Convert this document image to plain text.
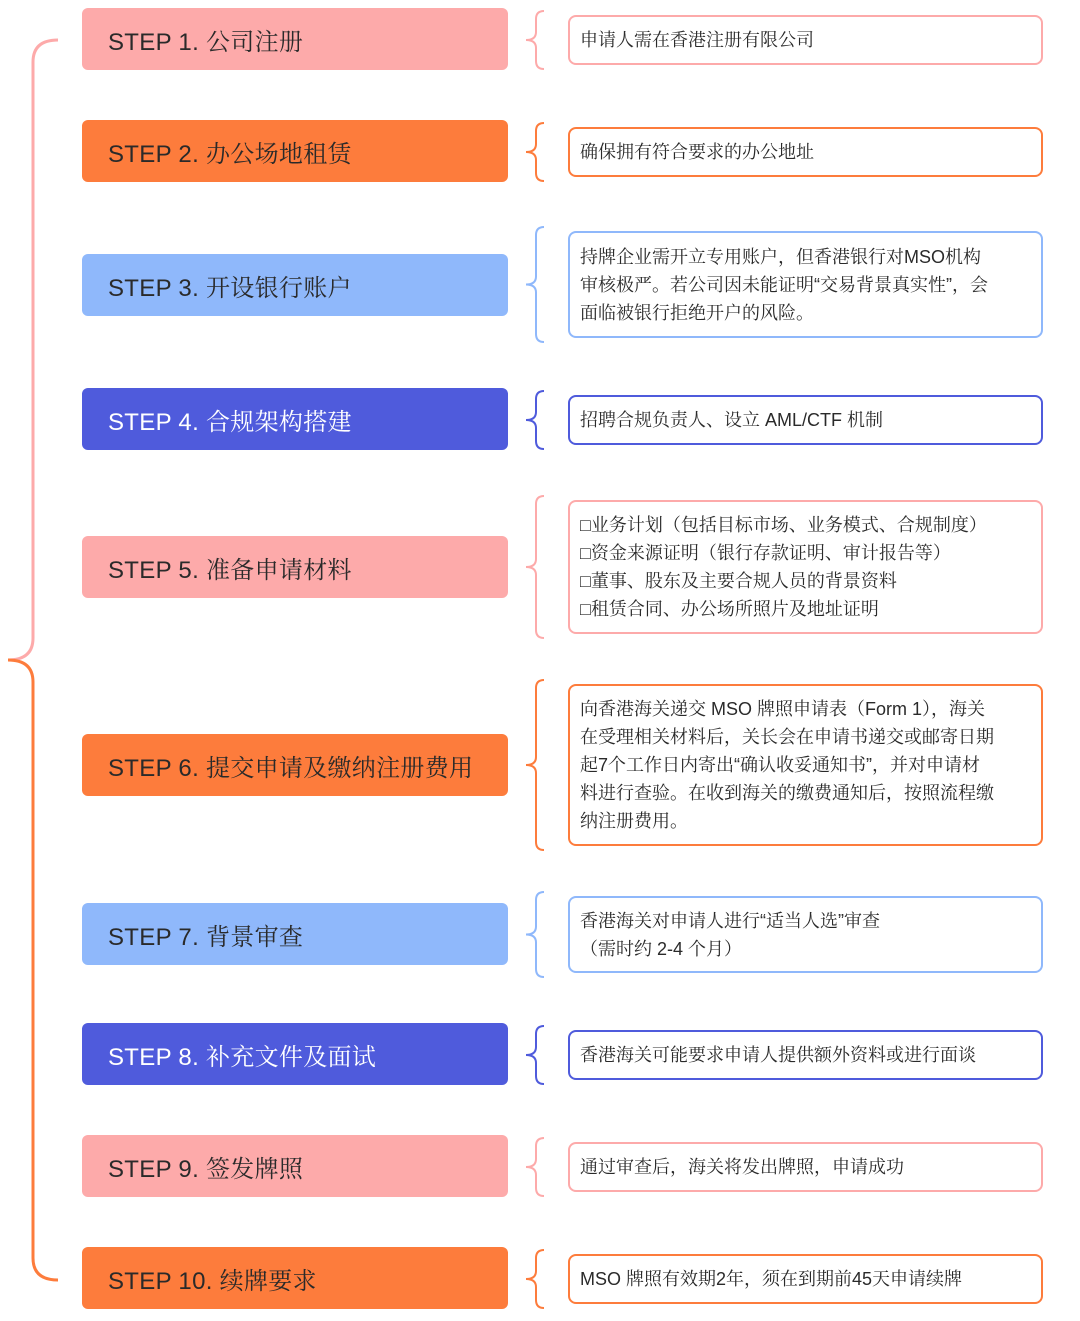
STEP 1. 公司注册	申请人需在香港注册有限公司
STEP 2. 办公场地租赁	确保拥有符合要求的办公地址
STEP 3. 开设银行账户
持牌企业需开立专用账户，但香港银行对MSO机构
审核极严。若公司因未能证明“交易背景真实性”，会
面临被银行拒绝开户的风险。
STEP 4. 合规架构搭建	招聘合规负责人、设立 AML/CTF 机制
STEP 5. 准备申请材料
□业务计划（包括目标市场、业务模式、合规制度）
□资金来源证明（银行存款证明、审计报告等）
□董事、股东及主要合规人员的背景资料
□租赁合同、办公场所照片及地址证明
STEP 6. 提交申请及缴纳注册费用
向香港海关递交 MSO 牌照申请表（Form 1），海关
在受理相关材料后，关长会在申请书递交或邮寄日期
起7个工作日内寄出“确认收妥通知书”，并对申请材
料进行查验。在收到海关的缴费通知后，按照流程缴
纳注册费用。
STEP 7. 背景审查
香港海关对申请人进行“适当人选”审查
（需时约 2-4 个月）
STEP 8. 补充文件及面试	香港海关可能要求申请人提供额外资料或进行面谈
STEP 9. 签发牌照	通过审查后，海关将发出牌照，申请成功
STEP 10. 续牌要求	MSO 牌照有效期2年，须在到期前45天申请续牌
